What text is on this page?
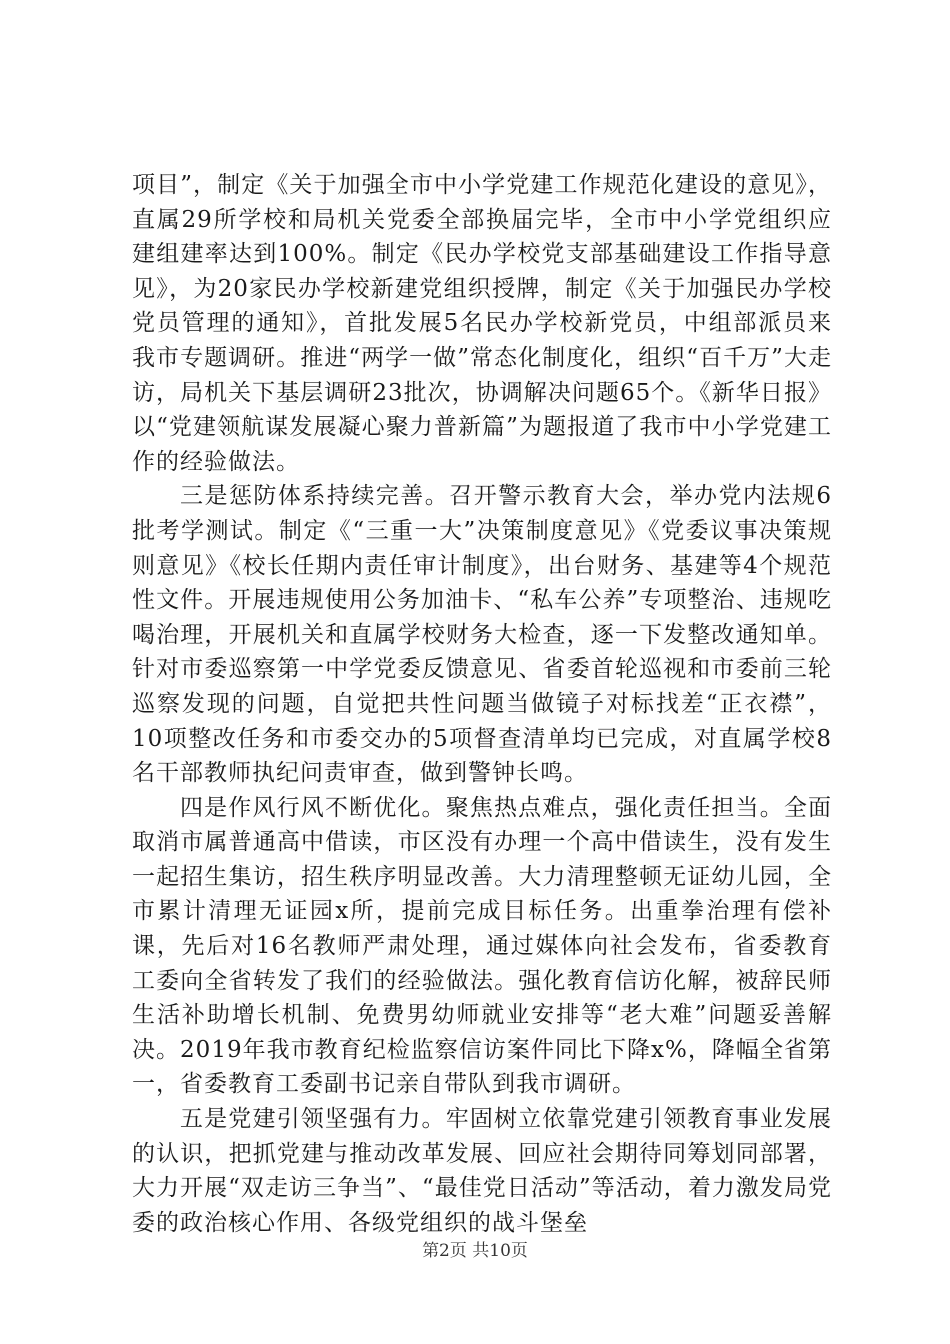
项目”，制定《关于加强全市中小学党建工作规范化建设的意见》，直属29所学校和局机关党委全部换届完毕，全市中小学党组织应建组建率达到100%。制定《民办学校党支部基础建设工作指导意见》，为20家民办学校新建党组织授牌，制定《关于加强民办学校党员管理的通知》，首批发展5名民办学校新党员，中组部派员来我市专题调研。推进“两学一做”常态化制度化，组织“百千万”大走访，局机关下基层调研23批次，协调解决问题65个。《新华日报》以“党建领航谋发展凝心聚力普新篇”为题报道了我市中小学党建工作的经验做法。

三是惩防体系持续完善。召开警示教育大会，举办党内法规6批考学测试。制定《“三重一大”决策制度意见》《党委议事决策规则意见》《校长任期内责任审计制度》，出台财务、基建等4个规范性文件。开展违规使用公务加油卡、“私车公养”专项整治、违规吃喝治理，开展机关和直属学校财务大检查，逐一下发整改通知单。针对市委巡察第一中学党委反馈意见、省委首轮巡视和市委前三轮巡察发现的问题，自觉把共性问题当做镜子对标找差“正衣襟”，10项整改任务和市委交办的5项督查清单均已完成，对直属学校8名干部教师执纪问责审查，做到警钟长鸣。

四是作风行风不断优化。聚焦热点难点，强化责任担当。全面取消市属普通高中借读，市区没有办理一个高中借读生，没有发生一起招生集访，招生秩序明显改善。大力清理整顿无证幼儿园，全市累计清理无证园x所，提前完成目标任务。出重拳治理有偿补课，先后对16名教师严肃处理，通过媒体向社会发布，省委教育工委向全省转发了我们的经验做法。强化教育信访化解，被辞民师生活补助增长机制、免费男幼师就业安排等“老大难”问题妥善解决。2019年我市教育纪检监察信访案件同比下降x%，降幅全省第一，省委教育工委副书记亲自带队到我市调研。

五是党建引领坚强有力。牢固树立依靠党建引领教育事业发展的认识，把抓党建与推动改革发展、回应社会期待同筹划同部署，大力开展“双走访三争当”、“最佳党日活动”等活动，着力激发局党委的政治核心作用、各级党组织的战斗堡垒

第2页 共10页
